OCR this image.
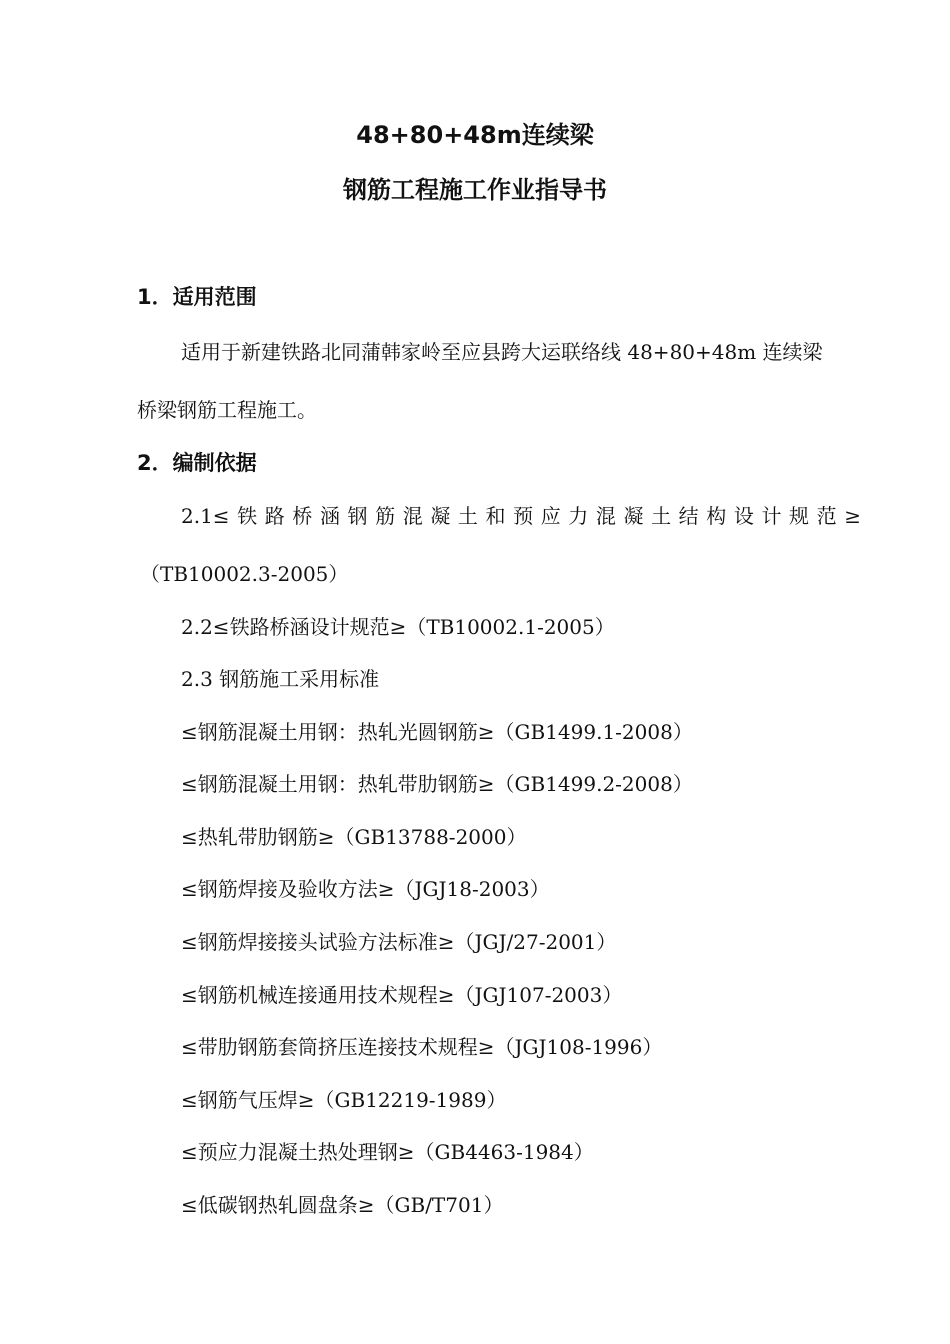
48+80+48m连续梁
钢筋工程施工作业指导书
1．适用范围
适用于新建铁路北同蒲韩家岭至应县跨大运联络线 48+80+48m 连续梁
桥梁钢筋工程施工。
2．编制依据
2.1≤铁路桥涵钢筋混凝土和预应力混凝土结构设计规范≥
（TB10002.3-2005）
2.2≤铁路桥涵设计规范≥（TB10002.1-2005）
2.3 钢筋施工采用标准
≤钢筋混凝土用钢：热轧光圆钢筋≥（GB1499.1-2008）
≤钢筋混凝土用钢：热轧带肋钢筋≥（GB1499.2-2008）
≤热轧带肋钢筋≥（GB13788-2000）
≤钢筋焊接及验收方法≥（JGJ18-2003）
≤钢筋焊接接头试验方法标准≥（JGJ/27-2001）
≤钢筋机械连接通用技术规程≥（JGJ107-2003）
≤带肋钢筋套筒挤压连接技术规程≥（JGJ108-1996）
≤钢筋气压焊≥（GB12219-1989）
≤预应力混凝土热处理钢≥（GB4463-1984）
≤低碳钢热轧圆盘条≥（GB/T701）
